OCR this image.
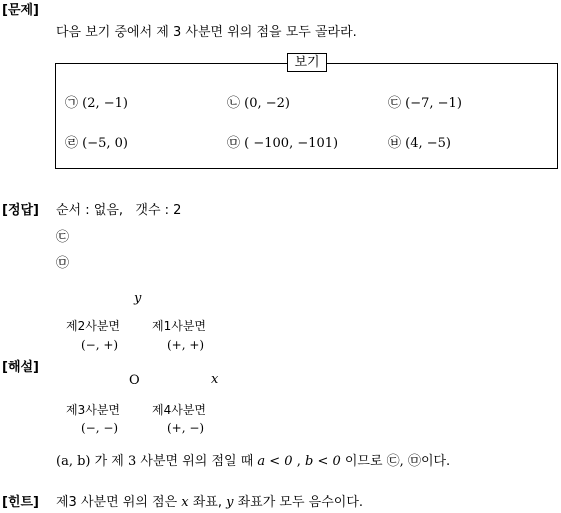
[문제]
다음 보기 중에서 제 3 사분면 위의 점을 모두 골라라.
보기
㉠ (2, −1)	㉡ (0, −2)	㉢ (−7, −1)
㉣ (−5, 0)	㉤ ( −100, −101)	㉥ (4, −5)
[정답] 순서 : 없음,   갯수 : 2
㉢
㉤
[해설]
y
x
O
제2사분면
(−, +)
제1사분면
(+, +)
제3사분면
(−, −)
제4사분면
(+, −)
(a, b) 가 제 3 사분면 위의 점일 때 a < 0 , b < 0 이므로 ㉢, ㉤이다.
[힌트] 제3 사분면 위의 점은 x 좌표, y 좌표가 모두 음수이다.
